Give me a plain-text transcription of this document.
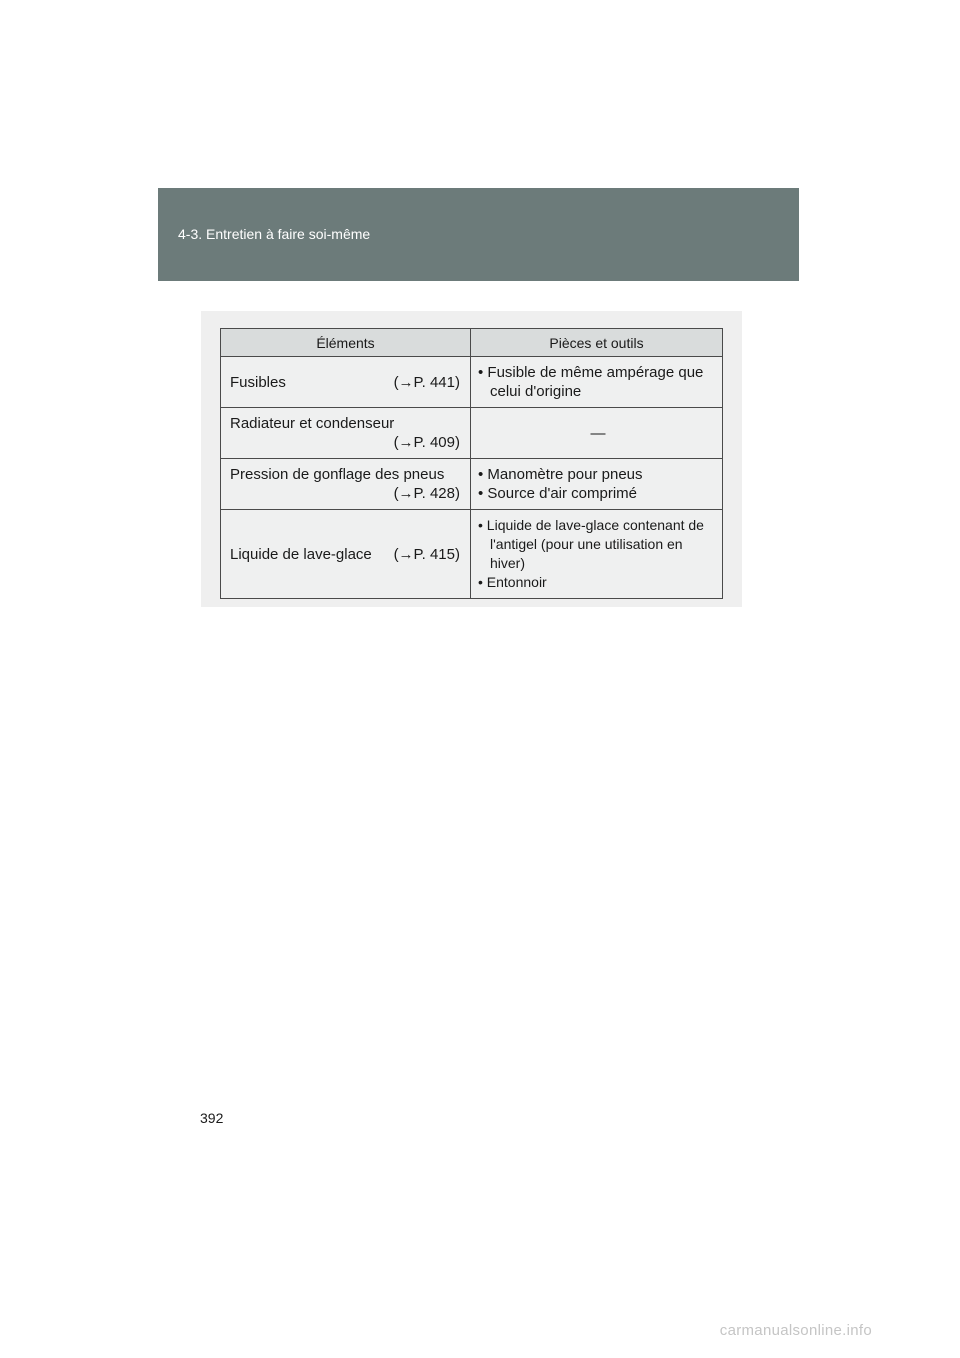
4-3. Entretien à faire soi-même
Éléments	Pièces et outils

Fusibles (→P. 441)	• Fusible de même ampérage que celui d'origine

Radiateur et condenseur
(→P. 409)	—

Pression de gonflage des pneus
(→P. 428)	• Manomètre pour pneus
• Source d'air comprimé

Liquide de lave-glace (→P. 415)	• Liquide de lave-glace contenant de l'antigel (pour une utilisation en hiver)
• Entonnoir
392
carmanualsonline.info
